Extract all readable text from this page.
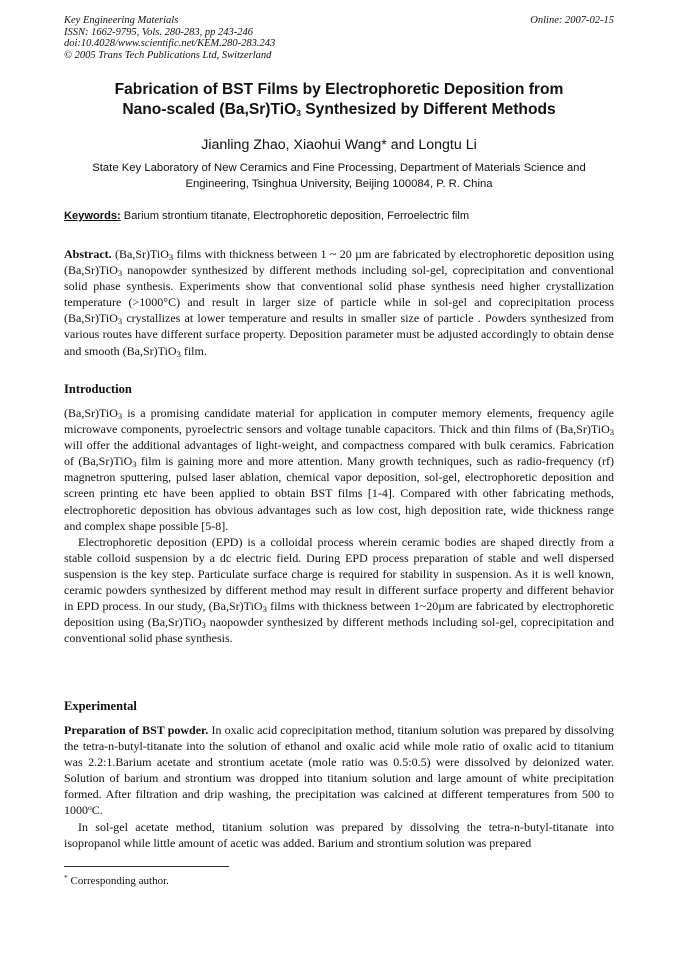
Key Engineering Materials
ISSN: 1662-9795, Vols. 280-283, pp 243-246
doi:10.4028/www.scientific.net/KEM.280-283.243
© 2005 Trans Tech Publications Ltd, Switzerland
Online: 2007-02-15
Fabrication of BST Films by Electrophoretic Deposition from
Nano-scaled (Ba,Sr)TiO$_3$ Synthesized by Different Methods
Jianling Zhao, Xiaohui Wang* and Longtu Li
State Key Laboratory of New Ceramics and Fine Processing, Department of Materials Science and Engineering, Tsinghua University, Beijing 100084, P. R. China
Keywords: Barium strontium titanate, Electrophoretic deposition, Ferroelectric film

Abstract. (Ba,Sr)TiO$_3$ films with thickness between 1 ~ 20 µm are fabricated by electrophoretic deposition using (Ba,Sr)TiO$_3$ nanopowder synthesized by different methods including sol-gel, coprecipitation and conventional solid phase synthesis. Experiments show that conventional solid phase synthesis need higher crystallization temperature (>1000°C) and result in larger size of particle while in sol-gel and coprecipitation process (Ba,Sr)TiO$_3$ crystallizes at lower temperature and results in smaller size of particle . Powders synthesized from various routes have different surface property. Deposition parameter must be adjusted accordingly to obtain dense and smooth (Ba,Sr)TiO$_3$ film.

Introduction

(Ba,Sr)TiO$_3$ is a promising candidate material for application in computer memory elements, frequency agile microwave components, pyroelectric sensors and voltage tunable capacitors. Thick and thin films of (Ba,Sr)TiO$_3$ will offer the additional advantages of light-weight, and compactness compared with bulk ceramics. Fabrication of (Ba,Sr)TiO$_3$ film is gaining more and more attention. Many growth techniques, such as radio-frequency (rf) magnetron sputtering, pulsed laser ablation, chemical vapor deposition, sol-gel, electrophoretic deposition and screen printing etc have been applied to obtain BST films [1-4]. Compared with other fabricating methods, electrophoretic deposition has obvious advantages such as low cost, high deposition rate, wide thickness range and complex shape possible [5-8].

Electrophoretic deposition (EPD) is a colloidal process wherein ceramic bodies are shaped directly from a stable colloid suspension by a dc electric field. During EPD process preparation of stable and well dispersed suspension is the key step. Particulate surface charge is required for stability in suspension. As it is well known, ceramic powders synthesized by different method may result in different surface property and different behavior in EPD process. In our study, (Ba,Sr)TiO$_3$ films with thickness between 1~20µm are fabricated by electrophoretic deposition using (Ba,Sr)TiO$_3$ naopowder synthesized by different methods including sol-gel, coprecipitation and conventional solid phase synthesis.

Experimental

Preparation of BST powder. In oxalic acid coprecipitation method, titanium solution was prepared by dissolving the tetra-n-butyl-titanate into the solution of ethanol and oxalic acid while mole ratio of oxalic acid to titanium was 2.2:1.Barium acetate and strontium acetate (mole ratio was 0.5:0.5) were dissolved by deionized water. Solution of barium and strontium was dropped into titanium solution and large amount of white precipitation formed. After filtration and drip washing, the precipitation was calcined at different temperatures from 500 to 1000$^o$C.

In sol-gel acetate method, titanium solution was prepared by dissolving the tetra-n-butyl-titanate into isopropanol while little amount of acetic was added. Barium and strontium solution was prepared

* Corresponding author.
